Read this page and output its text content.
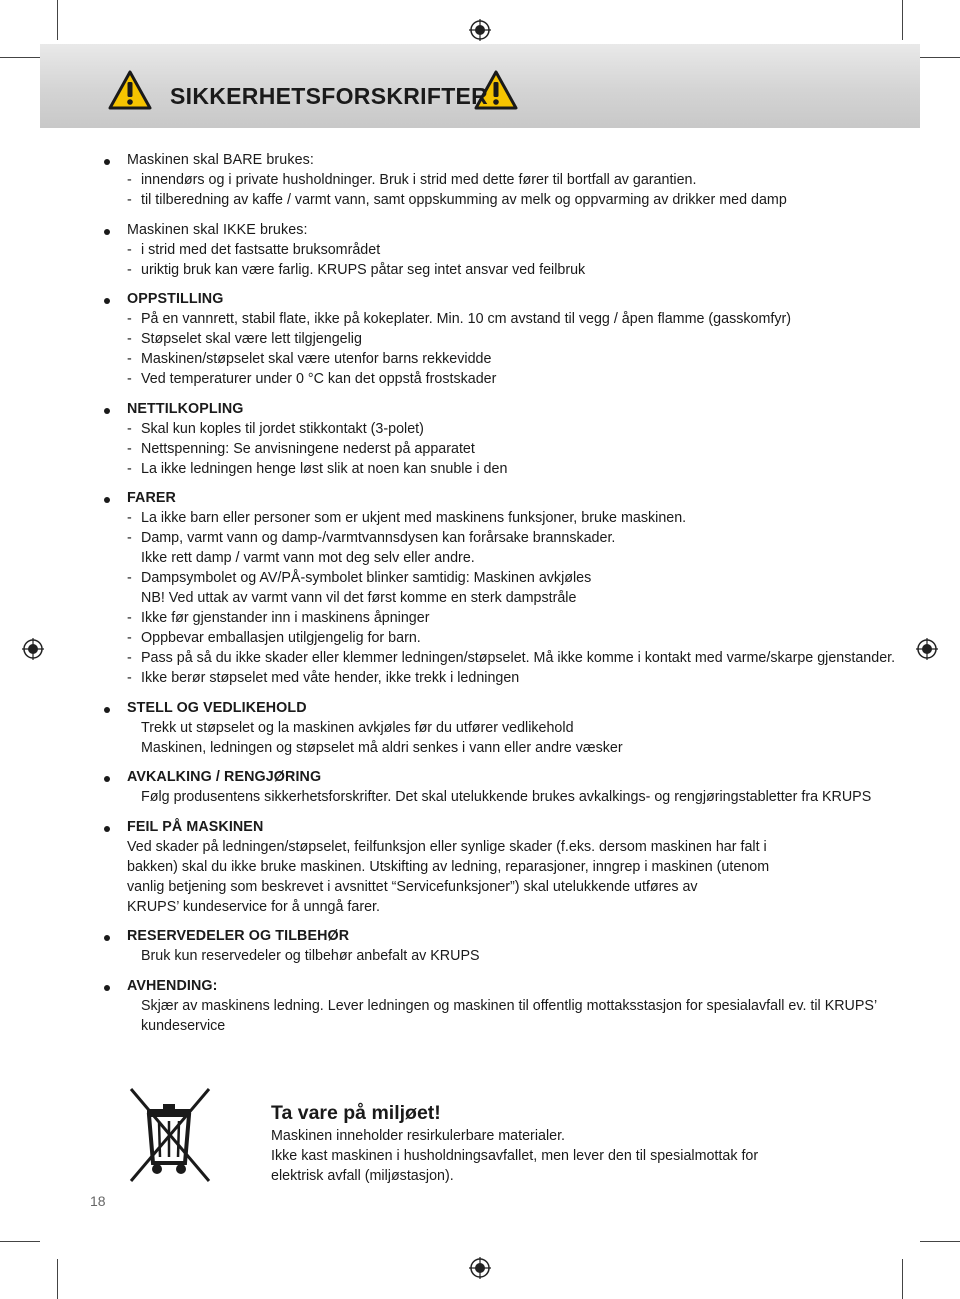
SIKKERHETSFORSKRIFTER
Maskinen skal BARE brukes:
- innendørs og i private husholdninger. Bruk i strid med dette fører til bortfall av garantien.
- til tilberedning av kaffe / varmt vann, samt oppskumming av melk og oppvarming av drikker med damp
Maskinen skal IKKE brukes:
- i strid med det fastsatte bruksområdet
- uriktig bruk kan være farlig. KRUPS påtar seg intet ansvar ved feilbruk
OPPSTILLING
- På en vannrett, stabil flate, ikke på kokeplater. Min. 10 cm avstand til vegg / åpen flamme (gasskomfyr)
- Støpselet skal være lett tilgjengelig
- Maskinen/støpselet skal være utenfor barns rekkevidde
- Ved temperaturer under 0 °C kan det oppstå frostskader
NETTILKOPLING
- Skal kun koples til jordet stikkontakt (3-polet)
- Nettspenning: Se anvisningene nederst på apparatet
- La ikke ledningen henge løst slik at noen kan snuble i den
FARER
- La ikke barn eller personer som er ukjent med maskinens funksjoner, bruke maskinen.
- Damp, varmt vann og damp-/varmtvannsdysen kan forårsake brannskader.
Ikke rett damp / varmt vann mot deg selv eller andre.
- Dampsymbolet og AV/PÅ-symbolet blinker samtidig: Maskinen avkjøles
NB! Ved uttak av varmt vann vil det først komme en sterk dampstråle
- Ikke før gjenstander inn i maskinens åpninger
- Oppbevar emballasjen utilgjengelig for barn.
- Pass på så du ikke skader eller klemmer ledningen/støpselet. Må ikke komme i kontakt med varme/skarpe gjenstander.
- Ikke berør støpselet med våte hender, ikke trekk i ledningen
STELL OG VEDLIKEHOLD
Trekk ut støpselet og la maskinen avkjøles før du utfører vedlikehold
Maskinen, ledningen og støpselet må aldri senkes i vann eller andre væsker
AVKALKING / RENGJØRING
Følg produsentens sikkerhetsforskrifter. Det skal utelukkende brukes avkalkings- og rengjøringstabletter fra KRUPS
FEIL PÅ MASKINEN
Ved skader på ledningen/støpselet, feilfunksjon eller synlige skader (f.eks. dersom maskinen har falt i
bakken) skal du ikke bruke maskinen. Utskifting av ledning, reparasjoner, inngrep i maskinen (utenom
vanlig betjening som beskrevet i avsnittet “Servicefunksjoner”) skal utelukkende utføres av
KRUPS’ kundeservice for å unngå farer.
RESERVEDELER OG TILBEHØR
Bruk kun reservedeler og tilbehør anbefalt av KRUPS
AVHENDING:
Skjær av maskinens ledning. Lever ledningen og maskinen til offentlig mottaksstasjon for spesialavfall ev. til KRUPS’
kundeservice
Ta vare på miljøet!
Maskinen inneholder resirkulerbare materialer.
Ikke kast maskinen i husholdningsavfallet, men lever den til spesialmottak for
elektrisk avfall (miljøstasjon).
18
